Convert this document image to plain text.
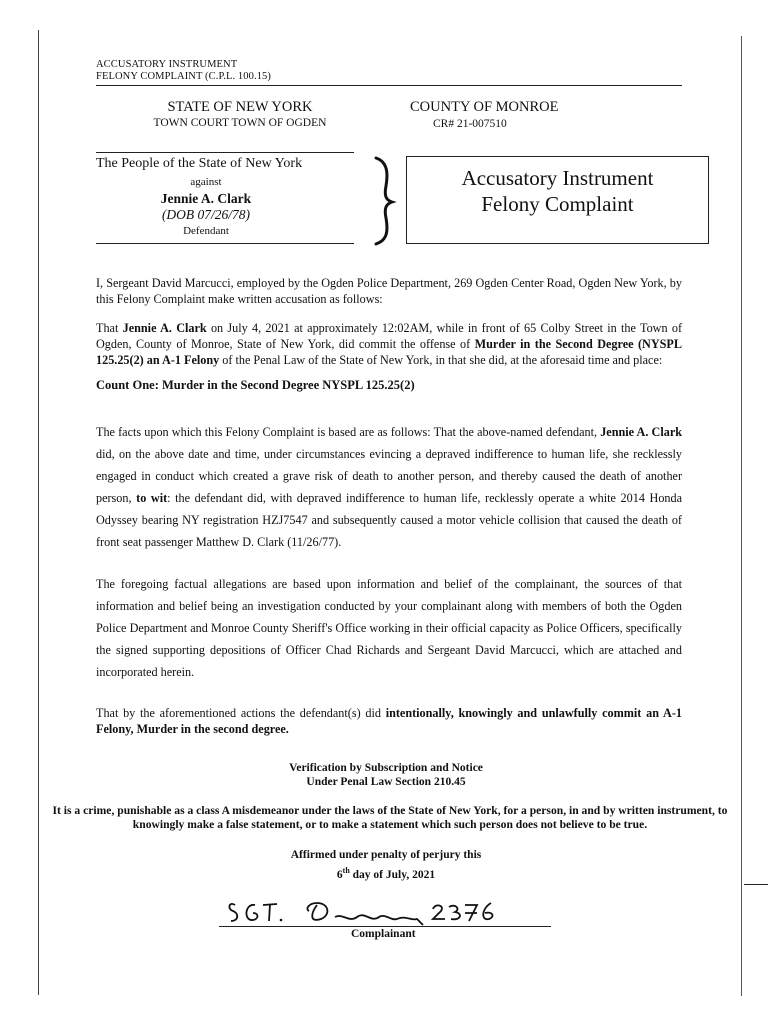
ACCUSATORY INSTRUMENT
FELONY COMPLAINT (C.P.L. 100.15)
STATE OF NEW YORK
TOWN COURT TOWN OF OGDEN
COUNTY OF MONROE
CR# 21-007510
The People of the State of New York
against
Jennie A. Clark
(DOB 07/26/78)
Defendant
Accusatory Instrument
Felony Complaint
I, Sergeant David Marcucci, employed by the Ogden Police Department, 269 Ogden Center Road, Ogden New York, by this Felony Complaint make written accusation as follows:
That Jennie A. Clark on July 4, 2021 at approximately 12:02AM, while in front of 65 Colby Street in the Town of Ogden, County of Monroe, State of New York, did commit the offense of Murder in the Second Degree (NYSPL 125.25(2) an A-1 Felony of the Penal Law of the State of New York, in that she did, at the aforesaid time and place:
Count One: Murder in the Second Degree NYSPL 125.25(2)
The facts upon which this Felony Complaint is based are as follows: That the above-named defendant, Jennie A. Clark did, on the above date and time, under circumstances evincing a depraved indifference to human life, she recklessly engaged in conduct which created a grave risk of death to another person, and thereby caused the death of another person, to wit: the defendant did, with depraved indifference to human life, recklessly operate a white 2014 Honda Odyssey bearing NY registration HZJ7547 and subsequently caused a motor vehicle collision that caused the death of front seat passenger Matthew D. Clark (11/26/77).
The foregoing factual allegations are based upon information and belief of the complainant, the sources of that information and belief being an investigation conducted by your complainant along with members of both the Ogden Police Department and Monroe County Sheriff's Office working in their official capacity as Police Officers, specifically the signed supporting depositions of Officer Chad Richards and Sergeant David Marcucci, which are attached and incorporated herein.
That by the aforementioned actions the defendant(s) did intentionally, knowingly and unlawfully commit an A-1 Felony, Murder in the second degree.
Verification by Subscription and Notice
Under Penal Law Section 210.45
It is a crime, punishable as a class A misdemeanor under the laws of the State of New York, for a person, in and by written instrument, to knowingly make a false statement, or to make a statement which such person does not believe to be true.
Affirmed under penalty of perjury this
6th day of July, 2021
Complainant
